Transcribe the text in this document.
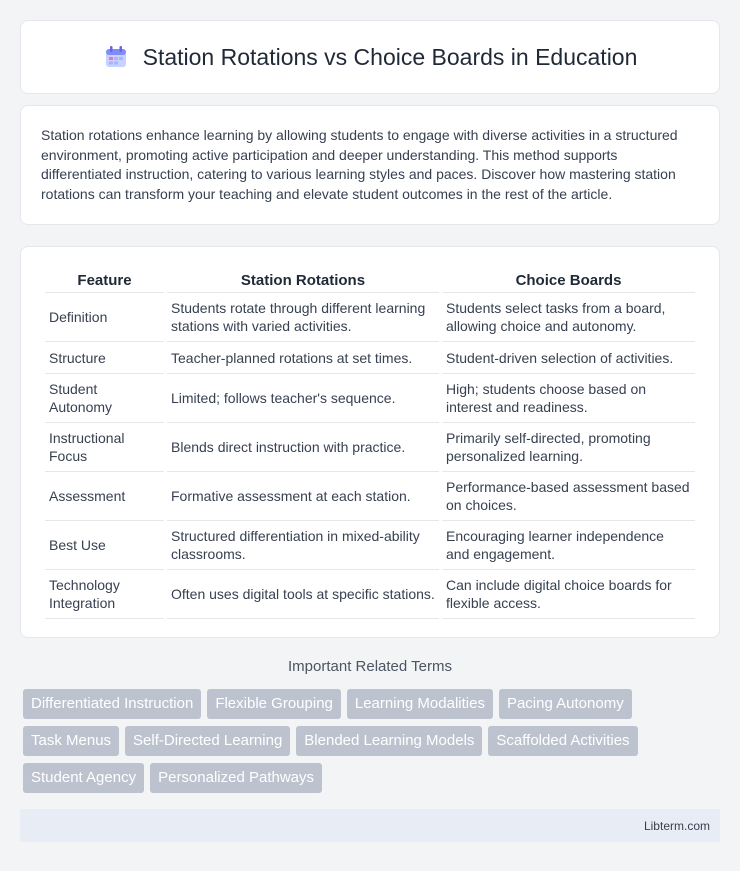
Station Rotations vs Choice Boards in Education

Station rotations enhance learning by allowing students to engage with diverse activities in a structured environment, promoting active participation and deeper understanding. This method supports differentiated instruction, catering to various learning styles and paces. Discover how mastering station rotations can transform your teaching and elevate student outcomes in the rest of the article.

Feature	Station Rotations	Choice Boards
Definition	Students rotate through different learning stations with varied activities.	Students select tasks from a board, allowing choice and autonomy.
Structure	Teacher-planned rotations at set times.	Student-driven selection of activities.
Student Autonomy	Limited; follows teacher's sequence.	High; students choose based on interest and readiness.
Instructional Focus	Blends direct instruction with practice.	Primarily self-directed, promoting personalized learning.
Assessment	Formative assessment at each station.	Performance-based assessment based on choices.
Best Use	Structured differentiation in mixed-ability classrooms.	Encouraging learner independence and engagement.
Technology Integration	Often uses digital tools at specific stations.	Can include digital choice boards for flexible access.
Important Related Terms
Differentiated Instruction	Flexible Grouping	Learning Modalities	Pacing Autonomy
Task Menus	Self-Directed Learning	Blended Learning Models	Scaffolded Activities
Student Agency	Personalized Pathways
Libterm.com
